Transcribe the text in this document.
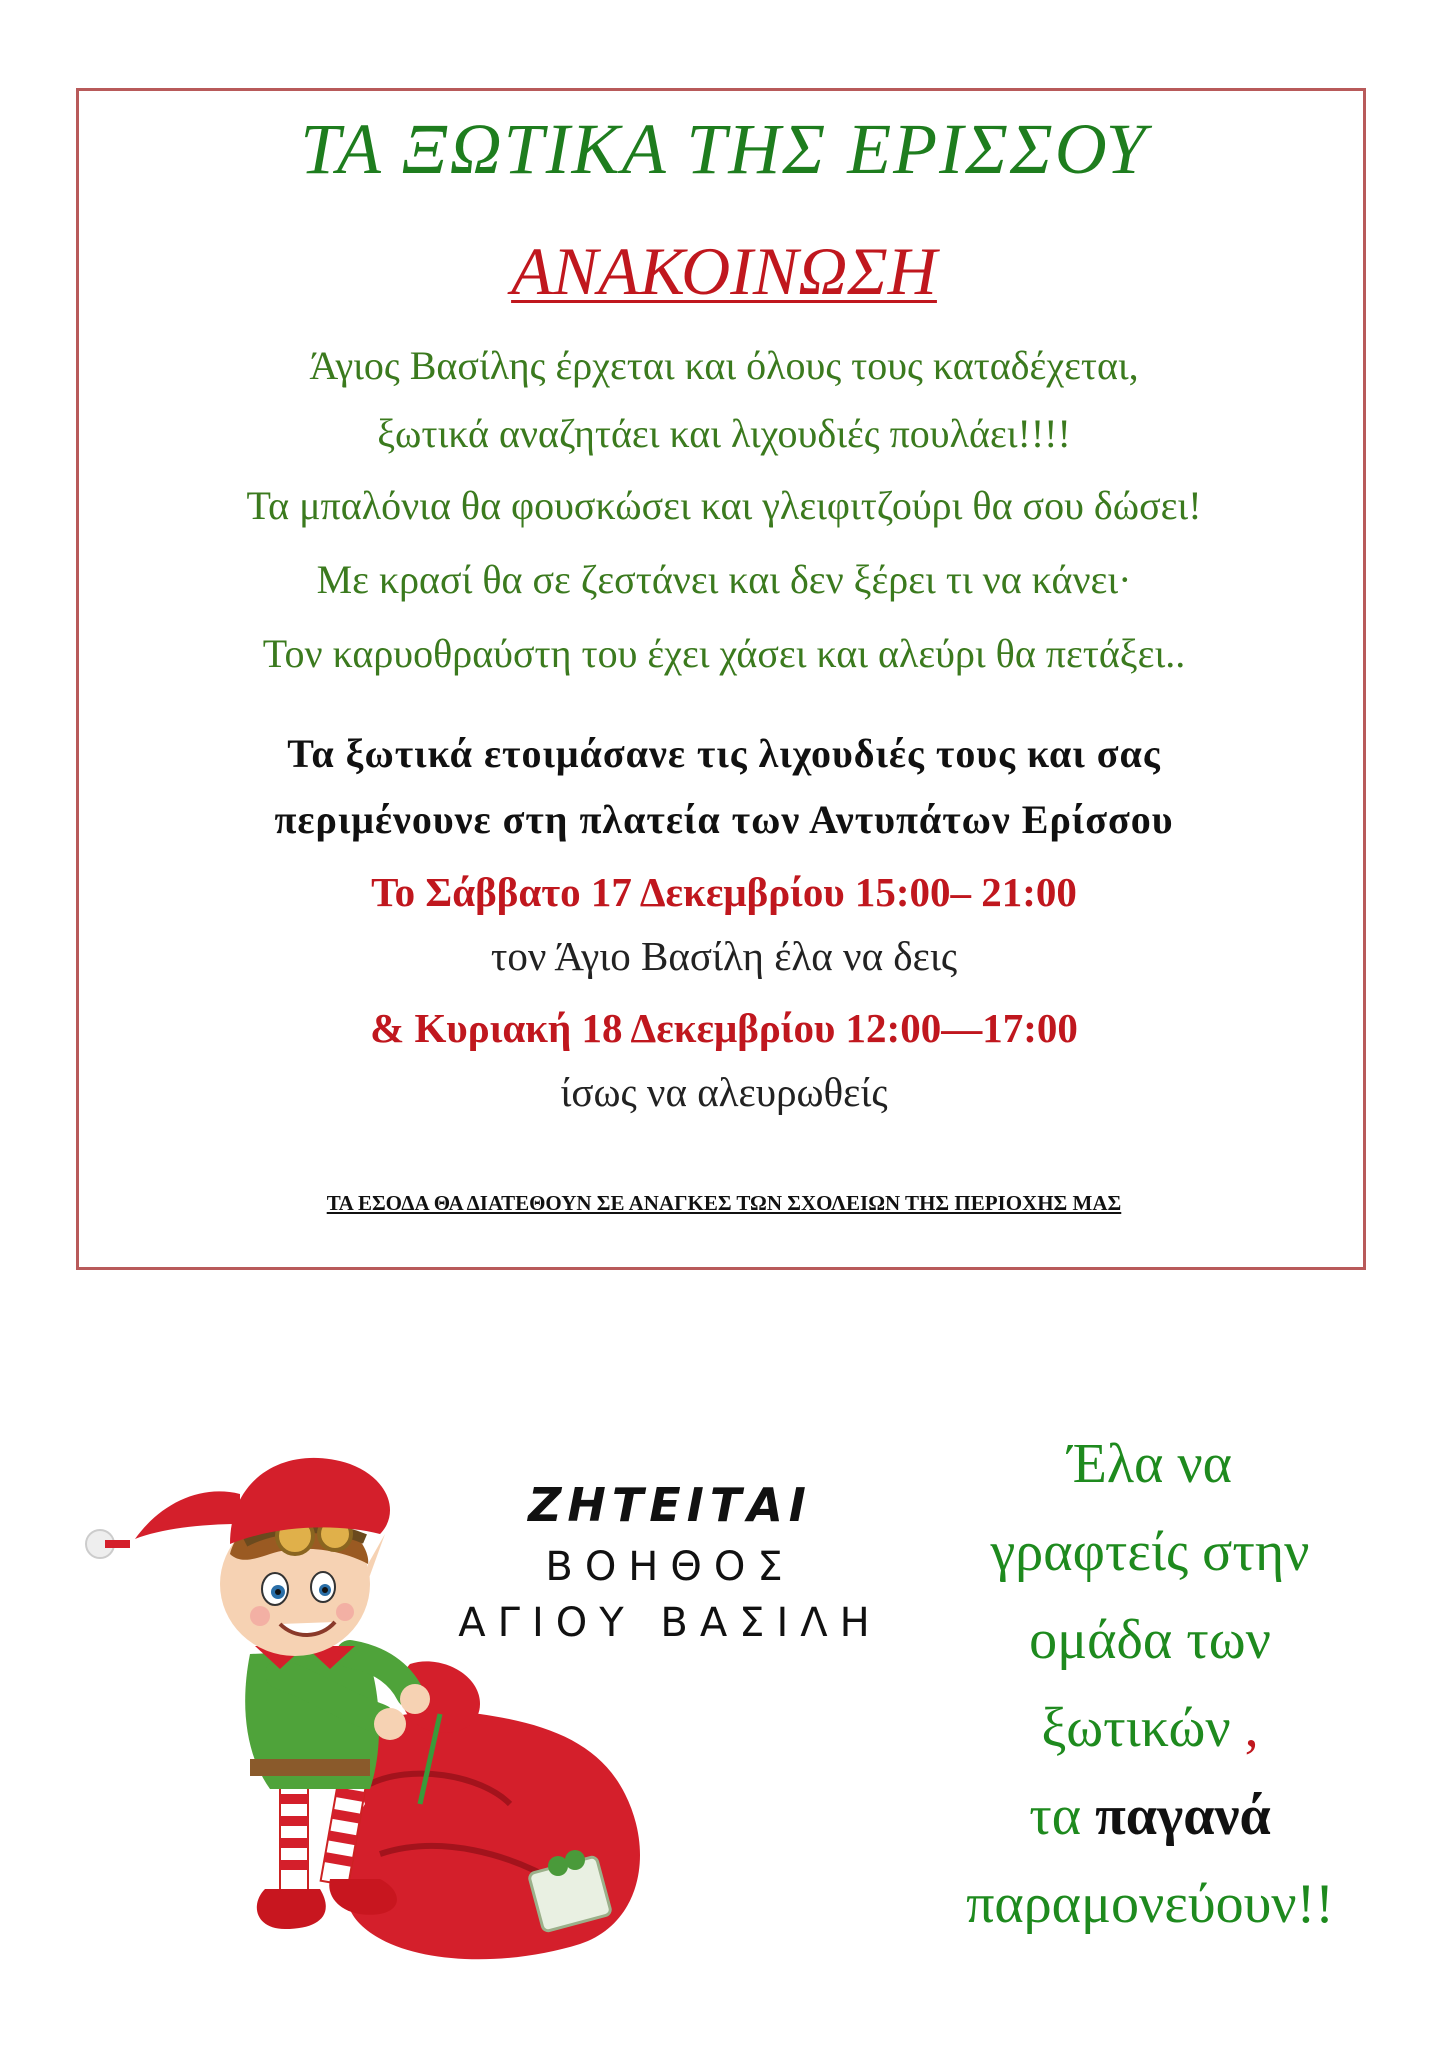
ΤΑ ΞΩΤΙΚΑ ΤΗΣ ΕΡΙΣΣΟΥ
ΑΝΑΚΟΙΝΩΣΗ
Άγιος Βασίλης έρχεται και όλους τους καταδέχεται,
ξωτικά αναζητάει και λιχουδιές πουλάει!!!!
Τα μπαλόνια θα φουσκώσει και γλειφιτζούρι θα σου δώσει!
Με κρασί θα σε ζεστάνει και δεν ξέρει τι να κάνει·
Τον καρυοθραύστη του έχει χάσει και αλεύρι θα πετάξει..
Τα ξωτικά ετοιμάσανε τις λιχουδιές τους και σας
περιμένουνε στη πλατεία των Αντυπάτων Ερίσσου
Το Σάββατο 17 Δεκεμβρίου 15:00– 21:00
τον Άγιο Βασίλη έλα να δεις
& Κυριακή 18 Δεκεμβρίου 12:00—17:00
ίσως να αλευρωθείς
ΤΑ ΕΣΟΔΑ ΘΑ ΔΙΑΤΕΘΟΥΝ ΣΕ ΑΝΑΓΚΕΣ ΤΩΝ ΣΧΟΛΕΙΩΝ ΤΗΣ ΠΕΡΙΟΧΗΣ ΜΑΣ
ΖΗΤΕΙΤΑΙ
ΒΟΗΘΟΣ
ΑΓΙΟΥ ΒΑΣΙΛΗ
Έλα να
γραφτείς στην
ομάδα των
ξωτικών ,
τα παγανά
παραμονεύουν!!
